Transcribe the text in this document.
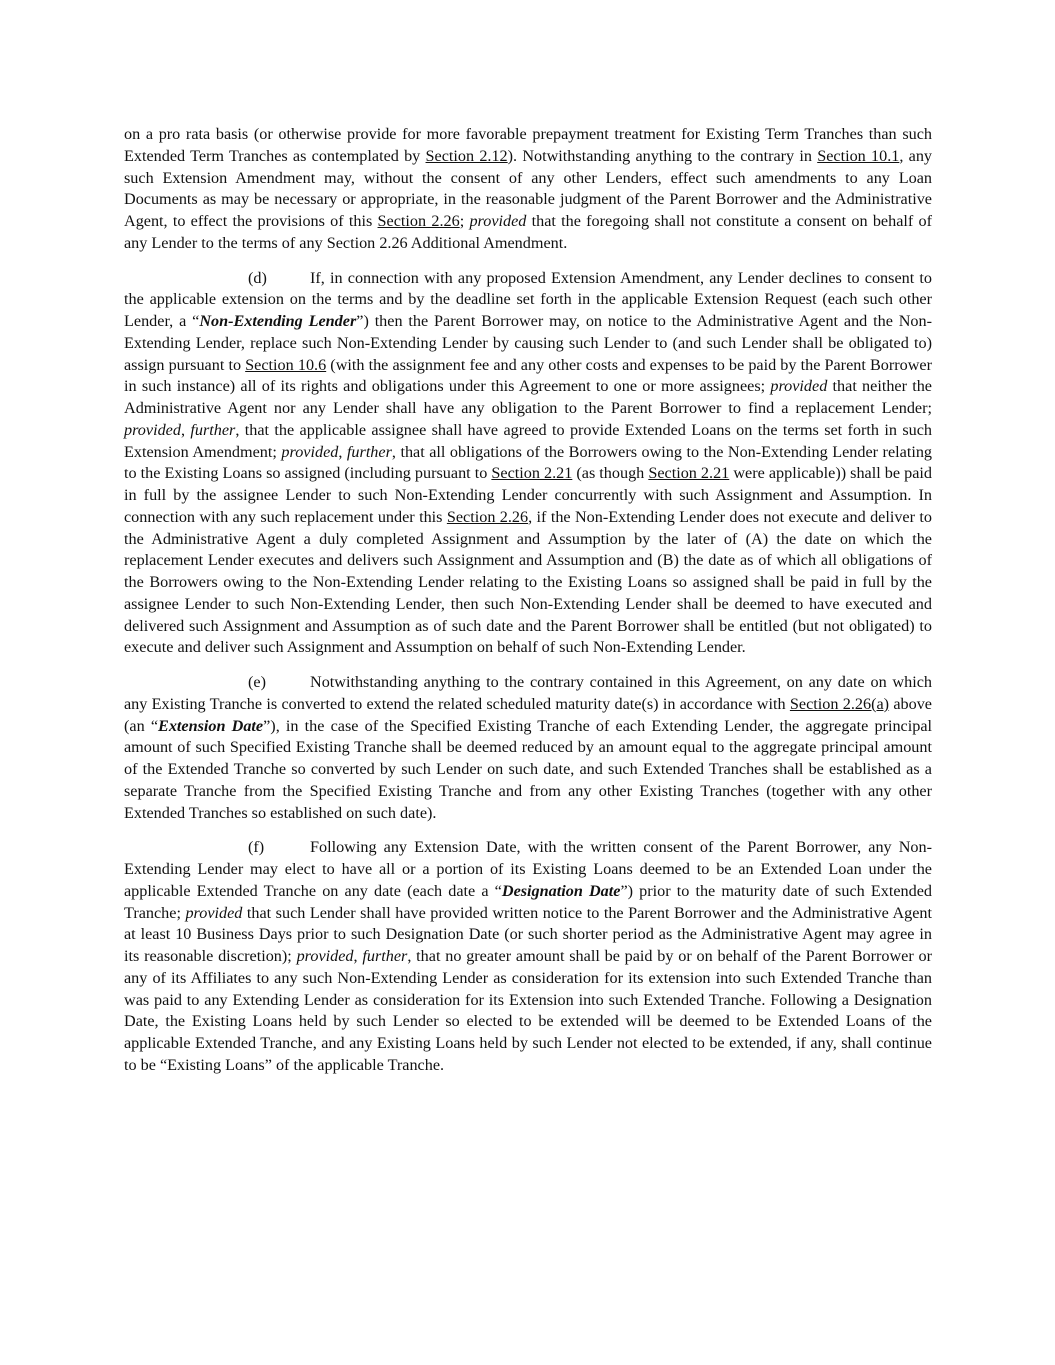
on a pro rata basis (or otherwise provide for more favorable prepayment treatment for Existing Term Tranches than such Extended Term Tranches as contemplated by Section 2.12). Notwithstanding anything to the contrary in Section 10.1, any such Extension Amendment may, without the consent of any other Lenders, effect such amendments to any Loan Documents as may be necessary or appropriate, in the reasonable judgment of the Parent Borrower and the Administrative Agent, to effect the provisions of this Section 2.26; provided that the foregoing shall not constitute a consent on behalf of any Lender to the terms of any Section 2.26 Additional Amendment.

(d)	If, in connection with any proposed Extension Amendment, any Lender declines to consent to the applicable extension on the terms and by the deadline set forth in the applicable Extension Request (each such other Lender, a “Non-Extending Lender”) then the Parent Borrower may, on notice to the Administrative Agent and the Non-Extending Lender, replace such Non-Extending Lender by causing such Lender to (and such Lender shall be obligated to) assign pursuant to Section 10.6 (with the assignment fee and any other costs and expenses to be paid by the Parent Borrower in such instance) all of its rights and obligations under this Agreement to one or more assignees; provided that neither the Administrative Agent nor any Lender shall have any obligation to the Parent Borrower to find a replacement Lender; provided, further, that the applicable assignee shall have agreed to provide Extended Loans on the terms set forth in such Extension Amendment; provided, further, that all obligations of the Borrowers owing to the Non-Extending Lender relating to the Existing Loans so assigned (including pursuant to Section 2.21 (as though Section 2.21 were applicable)) shall be paid in full by the assignee Lender to such Non-Extending Lender concurrently with such Assignment and Assumption. In connection with any such replacement under this Section 2.26, if the Non-Extending Lender does not execute and deliver to the Administrative Agent a duly completed Assignment and Assumption by the later of (A) the date on which the replacement Lender executes and delivers such Assignment and Assumption and (B) the date as of which all obligations of the Borrowers owing to the Non-Extending Lender relating to the Existing Loans so assigned shall be paid in full by the assignee Lender to such Non-Extending Lender, then such Non-Extending Lender shall be deemed to have executed and delivered such Assignment and Assumption as of such date and the Parent Borrower shall be entitled (but not obligated) to execute and deliver such Assignment and Assumption on behalf of such Non-Extending Lender.

(e)	Notwithstanding anything to the contrary contained in this Agreement, on any date on which any Existing Tranche is converted to extend the related scheduled maturity date(s) in accordance with Section 2.26(a) above (an “Extension Date”), in the case of the Specified Existing Tranche of each Extending Lender, the aggregate principal amount of such Specified Existing Tranche shall be deemed reduced by an amount equal to the aggregate principal amount of the Extended Tranche so converted by such Lender on such date, and such Extended Tranches shall be established as a separate Tranche from the Specified Existing Tranche and from any other Existing Tranches (together with any other Extended Tranches so established on such date).

(f)	Following any Extension Date, with the written consent of the Parent Borrower, any Non-Extending Lender may elect to have all or a portion of its Existing Loans deemed to be an Extended Loan under the applicable Extended Tranche on any date (each date a “Designation Date”) prior to the maturity date of such Extended Tranche; provided that such Lender shall have provided written notice to the Parent Borrower and the Administrative Agent at least 10 Business Days prior to such Designation Date (or such shorter period as the Administrative Agent may agree in its reasonable discretion); provided, further, that no greater amount shall be paid by or on behalf of the Parent Borrower or any of its Affiliates to any such Non-Extending Lender as consideration for its extension into such Extended Tranche than was paid to any Extending Lender as consideration for its Extension into such Extended Tranche. Following a Designation Date, the Existing Loans held by such Lender so elected to be extended will be deemed to be Extended Loans of the applicable Extended Tranche, and any Existing Loans held by such Lender not elected to be extended, if any, shall continue to be “Existing Loans” of the applicable Tranche.
